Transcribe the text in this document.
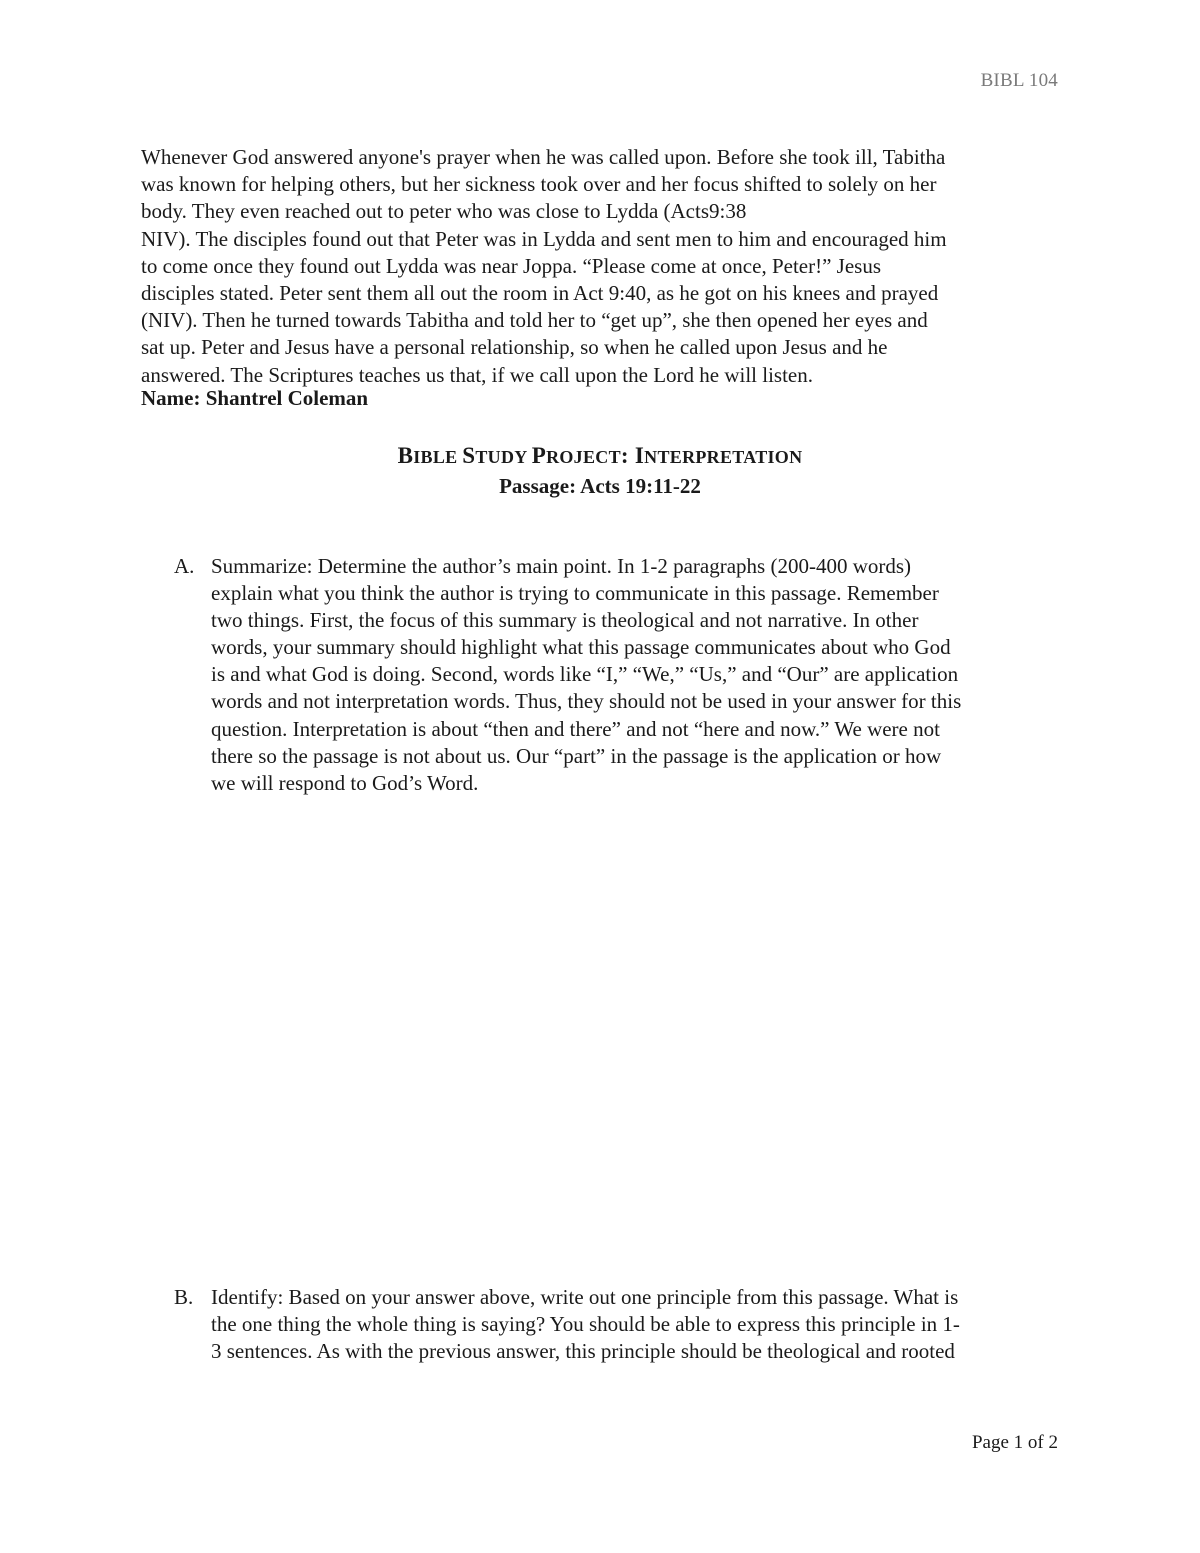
BIBL 104
Whenever God answered anyone's prayer when he was called upon. Before she took ill, Tabitha
was known for helping others, but her sickness took over and her focus shifted to solely on her
body. They even reached out to peter who was close to Lydda (Acts9:38
NIV). The disciples found out that Peter was in Lydda and sent men to him and encouraged him
to come once they found out Lydda was near Joppa. “Please come at once, Peter!” Jesus
disciples stated. Peter sent them all out the room in Act 9:40, as he got on his knees and prayed
(NIV). Then he turned towards Tabitha and told her to “get up”, she then opened her eyes and
sat up. Peter and Jesus have a personal relationship, so when he called upon Jesus and he
answered. The Scriptures teaches us that, if we call upon the Lord he will listen.
Name: Shantrel Coleman
BIBLE STUDY PROJECT: INTERPRETATION
Passage: Acts 19:11-22
A. Summarize: Determine the author’s main point. In 1-2 paragraphs (200-400 words)
explain what you think the author is trying to communicate in this passage. Remember
two things. First, the focus of this summary is theological and not narrative. In other
words, your summary should highlight what this passage communicates about who God
is and what God is doing. Second, words like “I,” “We,” “Us,” and “Our” are application
words and not interpretation words. Thus, they should not be used in your answer for this
question. Interpretation is about “then and there” and not “here and now.” We were not
there so the passage is not about us. Our “part” in the passage is the application or how
we will respond to God’s Word.
B. Identify: Based on your answer above, write out one principle from this passage. What is
the one thing the whole thing is saying? You should be able to express this principle in 1-
3 sentences. As with the previous answer, this principle should be theological and rooted
Page 1 of 2
